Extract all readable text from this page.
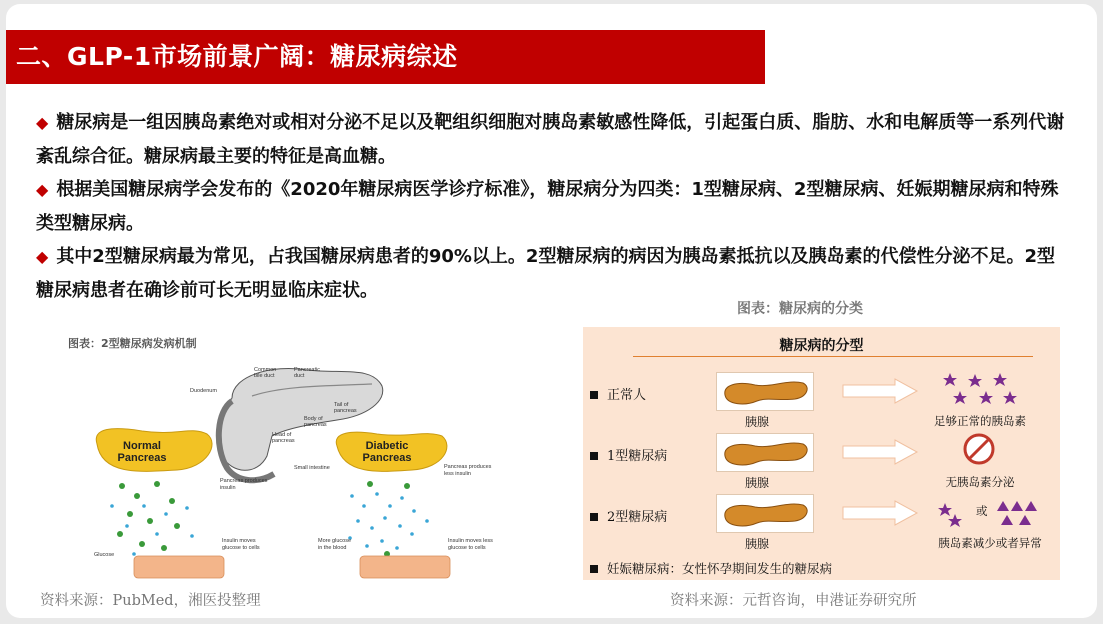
二、GLP-1市场前景广阔：糖尿病综述

◆ 糖尿病是一组因胰岛素绝对或相对分泌不足以及靶组织细胞对胰岛素敏感性降低，引起蛋白质、脂肪、水和电解质等一系列代谢紊乱综合征。糖尿病最主要的特征是高血糖。

◆ 根据美国糖尿病学会发布的《2020年糖尿病医学诊疗标准》，糖尿病分为四类：1型糖尿病、2型糖尿病、妊娠期糖尿病和特殊类型糖尿病。

◆ 其中2型糖尿病最为常见，占我国糖尿病患者的90%以上。2型糖尿病的病因为胰岛素抵抗以及胰岛素的代偿性分泌不足。2型糖尿病患者在确诊前可长无明显临床症状。

图表：2型糖尿病发病机制
Normal Pancreas
Diabetic Pancreas
Common bile duct
Pancreatic duct
Duodenum
Tail of pancreas
Body of pancreas
Head of pancreas
Small intestine
Pancreas produces insulin
Pancreas produces less insulin
Glucose
Insulin moves glucose to cells
More glucose in the blood
Insulin moves less glucose to cells
资料来源：PubMed，湘医投整理
图表：糖尿病的分类
糖尿病的分型
正常人
胰腺	足够正常的胰岛素
1型糖尿病
胰腺	无胰岛素分泌
2型糖尿病
胰腺
或
胰岛素减少或者异常
妊娠糖尿病：女性怀孕期间发生的糖尿病
资料来源：元哲咨询，申港证券研究所
